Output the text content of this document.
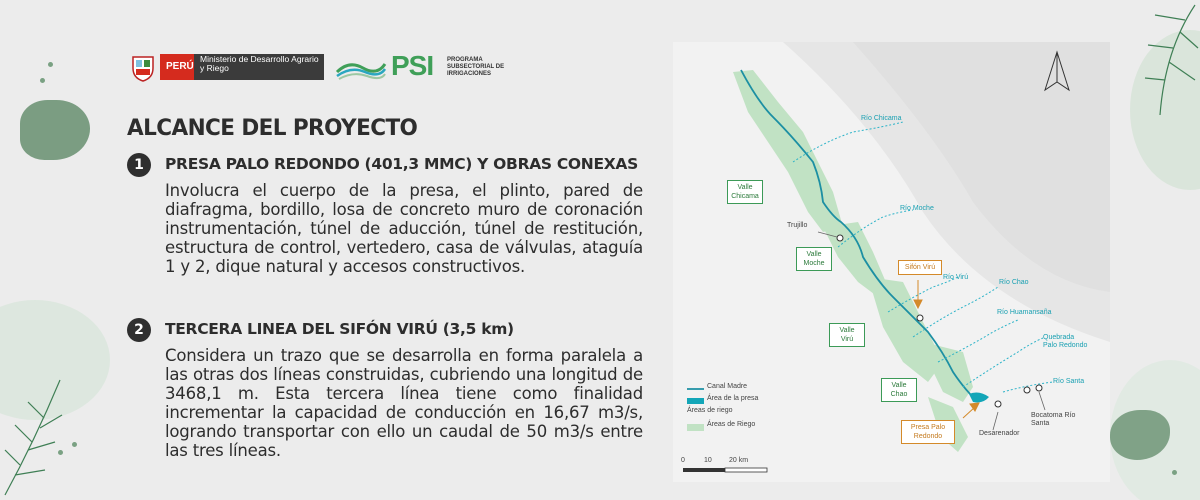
PERÚ
Ministerio de Desarrollo Agrario y Riego	PSI PROGRAMA SUBSECTORIAL DE IRRIGACIONES
ALCANCE DEL PROYECTO
1	PRESA PALO REDONDO (401,3 MMC) Y OBRAS CONEXAS
Involucra el cuerpo de la presa, el plinto, pared de diafragma, bordillo, losa de concreto muro de coronación instrumentación, túnel de aducción, túnel de restitución, estructura de control, vertedero, casa de válvulas, ataguía 1 y 2, dique natural y accesos constructivos.
2	TERCERA LINEA DEL SIFÓN VIRÚ (3,5 km)
Considera un trazo que se desarrolla en forma paralela a las otras dos líneas construidas, cubriendo una longitud de 3468,1 m. Esta tercera línea tiene como finalidad incrementar la capacidad de conducción en 16,67 m3/s, logrando transportar con ello un caudal de 50 m3/s entre las tres líneas.
Río Chicama
Río Moche
Río Virú
Río Chao
Río Huamansaña
Quebrada Palo Redondo
Río Santa
Valle Chicama
Valle Moche
Valle Virú
Valle Chao
Sifón Virú
Presa Palo Redondo
Trujillo
Desarenador
Bocatoma Río Santa
Canal Madre
Área de la presa
Áreas de riego
Áreas de Riego
0	10 20 km
